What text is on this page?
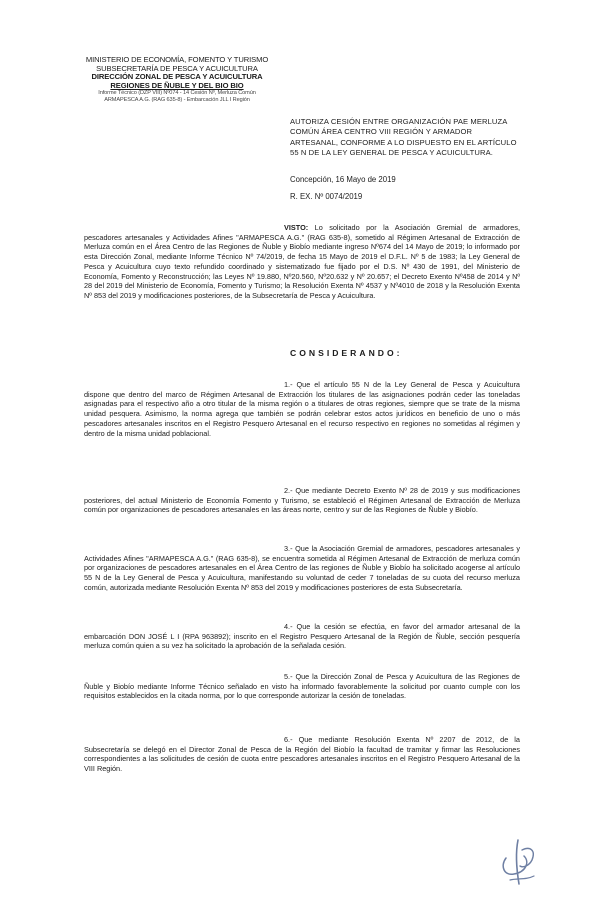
MINISTERIO DE ECONOMÍA, FOMENTO Y TURISMO
SUBSECRETARÍA DE PESCA Y ACUICULTURA
DIRECCIÓN ZONAL DE PESCA Y ACUICULTURA
REGIONES DE ÑUBLE Y DEL BIO BIO
Informe Técnico (DZP VIII) Nº074 - 14 Cesión Nº, Merluza Común
ARMAPESCA A.G. (RAG 635-8) - Embarcación JLL I Región
AUTORIZA CESIÓN ENTRE ORGANIZACIÓN PAE MERLUZA COMÚN ÁREA CENTRO VIII REGIÓN Y ARMADOR ARTESANAL, CONFORME A LO DISPUESTO EN EL ARTÍCULO 55 N DE LA LEY GENERAL DE PESCA Y ACUICULTURA.
Concepción, 16 Mayo de 2019
R. EX. Nº 0074/2019
VISTO: Lo solicitado por la Asociación Gremial de armadores, pescadores artesanales y Actividades Afines "ARMAPESCA A.G." (RAG 635-8), sometido al Régimen Artesanal de Extracción de Merluza común en el Área Centro de las Regiones de Ñuble y Biobío mediante ingreso Nº674 del 14 Mayo de 2019; lo informado por esta Dirección Zonal, mediante Informe Técnico Nº 74/2019, de fecha 15 Mayo de 2019 el D.F.L. Nº 5 de 1983; la Ley General de Pesca y Acuicultura cuyo texto refundido coordinado y sistematizado fue fijado por el D.S. Nº 430 de 1991, del Ministerio de Economía, Fomento y Reconstrucción; las Leyes Nº 19.880, Nº20.560, Nº20.632 y Nº 20.657; el Decreto Exento Nº458 de 2014 y Nº 28 del 2019 del Ministerio de Economía, Fomento y Turismo; la Resolución Exenta Nº 4537 y Nº4010 de 2018 y la Resolución Exenta Nº 853 del 2019 y modificaciones posteriores, de la Subsecretaría de Pesca y Acuicultura.
CONSIDERANDO:
1.- Que el artículo 55 N de la Ley General de Pesca y Acuicultura dispone que dentro del marco de Régimen Artesanal de Extracción los titulares de las asignaciones podrán ceder las toneladas asignadas para el respectivo año a otro titular de la misma región o a titulares de otras regiones, siempre que se trate de la misma unidad pesquera. Asimismo, la norma agrega que también se podrán celebrar estos actos jurídicos en beneficio de uno o más pescadores artesanales inscritos en el Registro Pesquero Artesanal en el recurso respectivo en regiones no sometidas al régimen y dentro de la misma unidad poblacional.
2.- Que mediante Decreto Exento Nº 28 de 2019 y sus modificaciones posteriores, del actual Ministerio de Economía Fomento y Turismo, se estableció el Régimen Artesanal de Extracción de Merluza común por organizaciones de pescadores artesanales en las áreas norte, centro y sur de las Regiones de Ñuble y Biobío.
3.- Que la Asociación Gremial de armadores, pescadores artesanales y Actividades Afines "ARMAPESCA A.G." (RAG 635-8), se encuentra sometida al Régimen Artesanal de Extracción de merluza común por organizaciones de pescadores artesanales en el Área Centro de las regiones de Ñuble y Biobío ha solicitado acogerse al artículo 55 N de la Ley General de Pesca y Acuicultura, manifestando su voluntad de ceder 7 toneladas de su cuota del recurso merluza común, autorizada mediante Resolución Exenta Nº 853 del 2019 y modificaciones posteriores de esta Subsecretaría.
4.- Que la cesión se efectúa, en favor del armador artesanal de la embarcación DON JOSÉ L I (RPA 963892); inscrito en el Registro Pesquero Artesanal de la Región de Ñuble, sección pesquería merluza común quien a su vez ha solicitado la aprobación de la señalada cesión.
5.- Que la Dirección Zonal de Pesca y Acuicultura de las Regiones de Ñuble y Biobío mediante Informe Técnico señalado en visto ha informado favorablemente la solicitud por cuanto cumple con los requisitos establecidos en la citada norma, por lo que corresponde autorizar la cesión de toneladas.
6.- Que mediante Resolución Exenta Nº 2207 de 2012, de la Subsecretaría se delegó en el Director Zonal de Pesca de la Región del Biobío la facultad de tramitar y firmar las Resoluciones correspondientes a las solicitudes de cesión de cuota entre pescadores artesanales inscritos en el Registro Pesquero Artesanal de la VIII Región.
